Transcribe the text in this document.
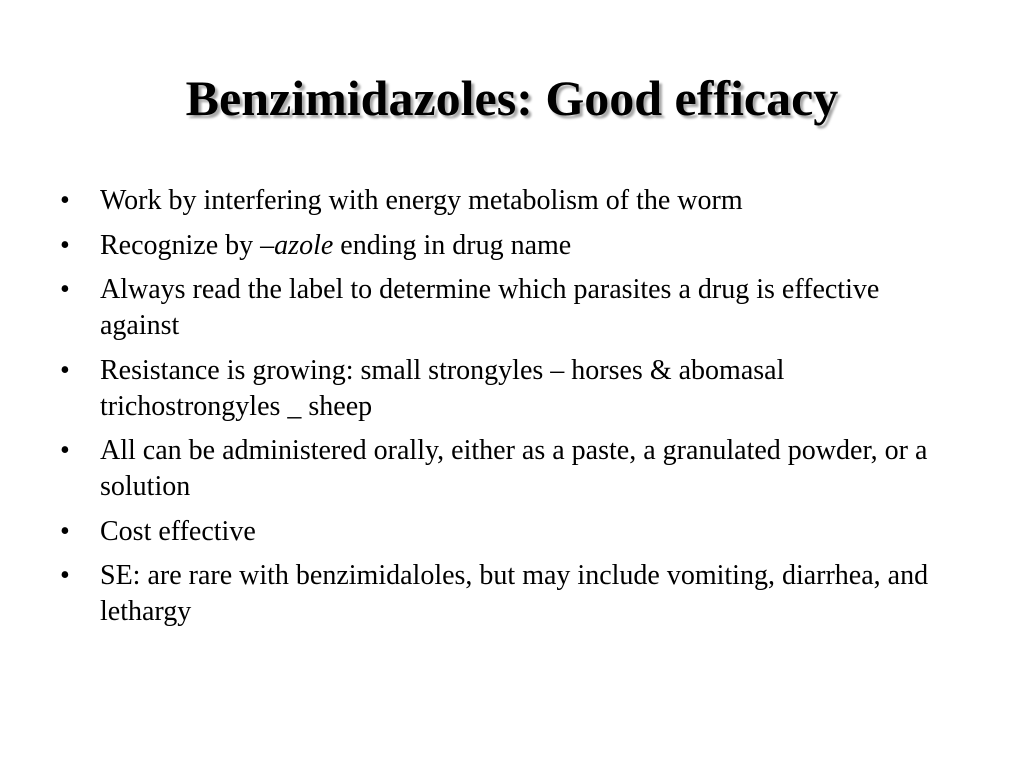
Benzimidazoles: Good efficacy
•	Work by interfering with energy metabolism of the worm
•	Recognize by –azole ending in drug name
•	Always read the label to determine which parasites a drug is effective against
•	Resistance is growing: small strongyles – horses & abomasal trichostrongyles _ sheep
•	All can be administered orally, either as a paste, a granulated powder, or a solution
•	Cost effective
•	SE: are rare with benzimidaloles, but may include vomiting, diarrhea, and lethargy
